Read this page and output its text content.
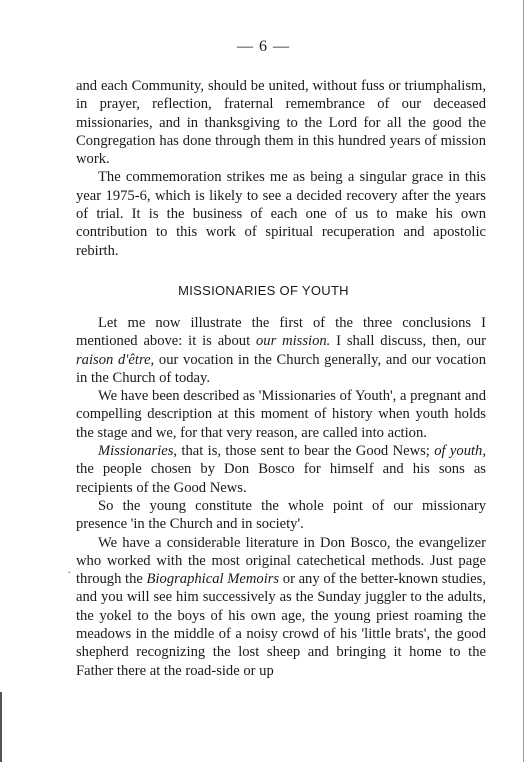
— 6 —

and each Community, should be united, without fuss or triumphalism, in prayer, reflection, fraternal remembrance of our deceased missionaries, and in thanksgiving to the Lord for all the good the Congregation has done through them in this hundred years of mission work.

The commemoration strikes me as being a singular grace in this year 1975-6, which is likely to see a decided recovery after the years of trial. It is the business of each one of us to make his own contribution to this work of spiritual recuperation and apostolic rebirth.

MISSIONARIES OF YOUTH

Let me now illustrate the first of the three conclusions I mentioned above: it is about our mission. I shall discuss, then, our raison d'être, our vocation in the Church generally, and our vocation in the Church of today.

We have been described as 'Missionaries of Youth', a pregnant and compelling description at this moment of history when youth holds the stage and we, for that very reason, are called into action.

Missionaries, that is, those sent to bear the Good News; of youth, the people chosen by Don Bosco for himself and his sons as recipients of the Good News.

So the young constitute the whole point of our missionary presence 'in the Church and in society'.

We have a considerable literature in Don Bosco, the evangelizer who worked with the most original catechetical methods. Just page through the Biographical Memoirs or any of the better-known studies, and you will see him successively as the Sunday juggler to the adults, the yokel to the boys of his own age, the young priest roaming the meadows in the middle of a noisy crowd of his 'little brats', the good shepherd recognizing the lost sheep and bringing it home to the Father there at the road-side or up

.
